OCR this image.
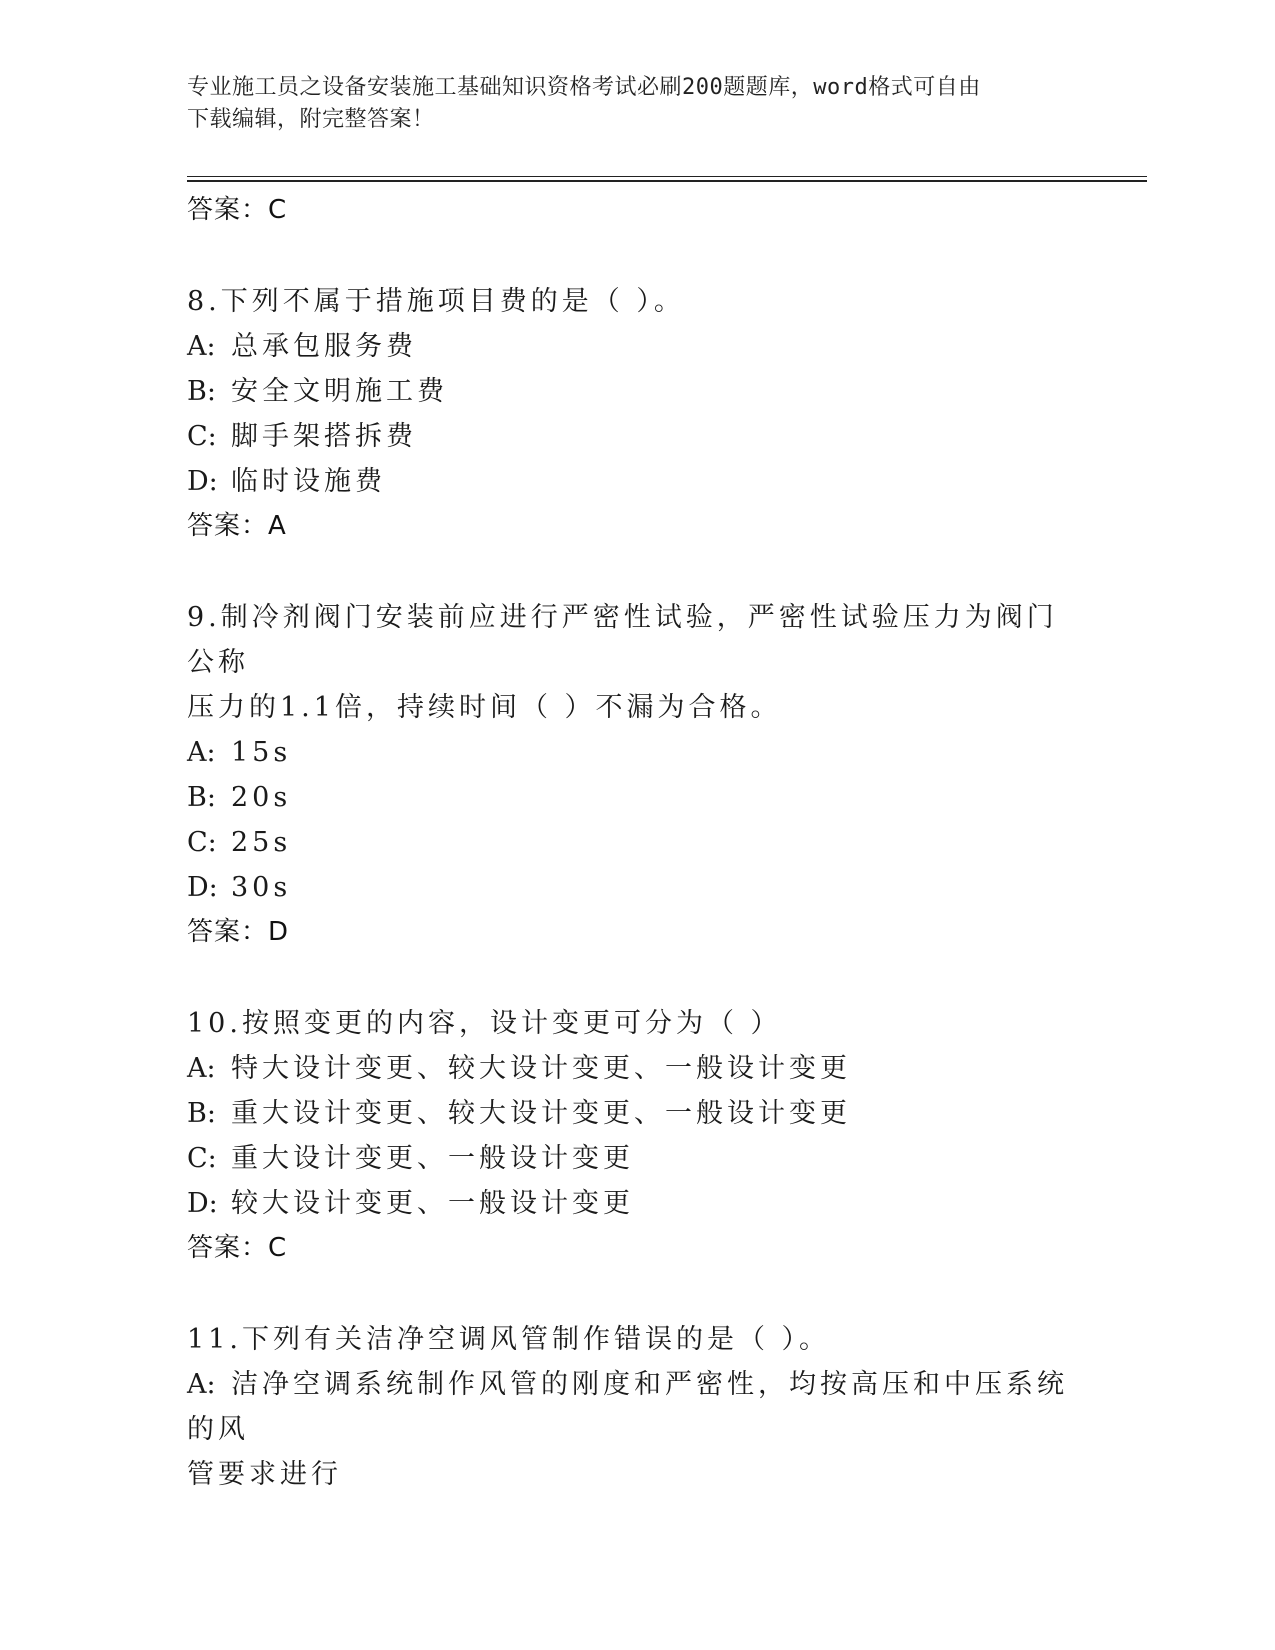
专业施工员之设备安装施工基础知识资格考试必刷200题题库，word格式可自由
下载编辑，附完整答案！
答案：C
8.下列不属于措施项目费的是（ ）。
A: 总承包服务费
B: 安全文明施工费
C: 脚手架搭拆费
D: 临时设施费
答案：A
9.制冷剂阀门安装前应进行严密性试验，严密性试验压力为阀门公称
压力的1.1倍，持续时间（ ）不漏为合格。
A: 15s
B: 20s
C: 25s
D: 30s
答案：D
10.按照变更的内容，设计变更可分为（ ）
A: 特大设计变更、较大设计变更、一般设计变更
B: 重大设计变更、较大设计变更、一般设计变更
C: 重大设计变更、一般设计变更
D: 较大设计变更、一般设计变更
答案：C
11.下列有关洁净空调风管制作错误的是（ ）。
A: 洁净空调系统制作风管的刚度和严密性，均按高压和中压系统的风
管要求进行
